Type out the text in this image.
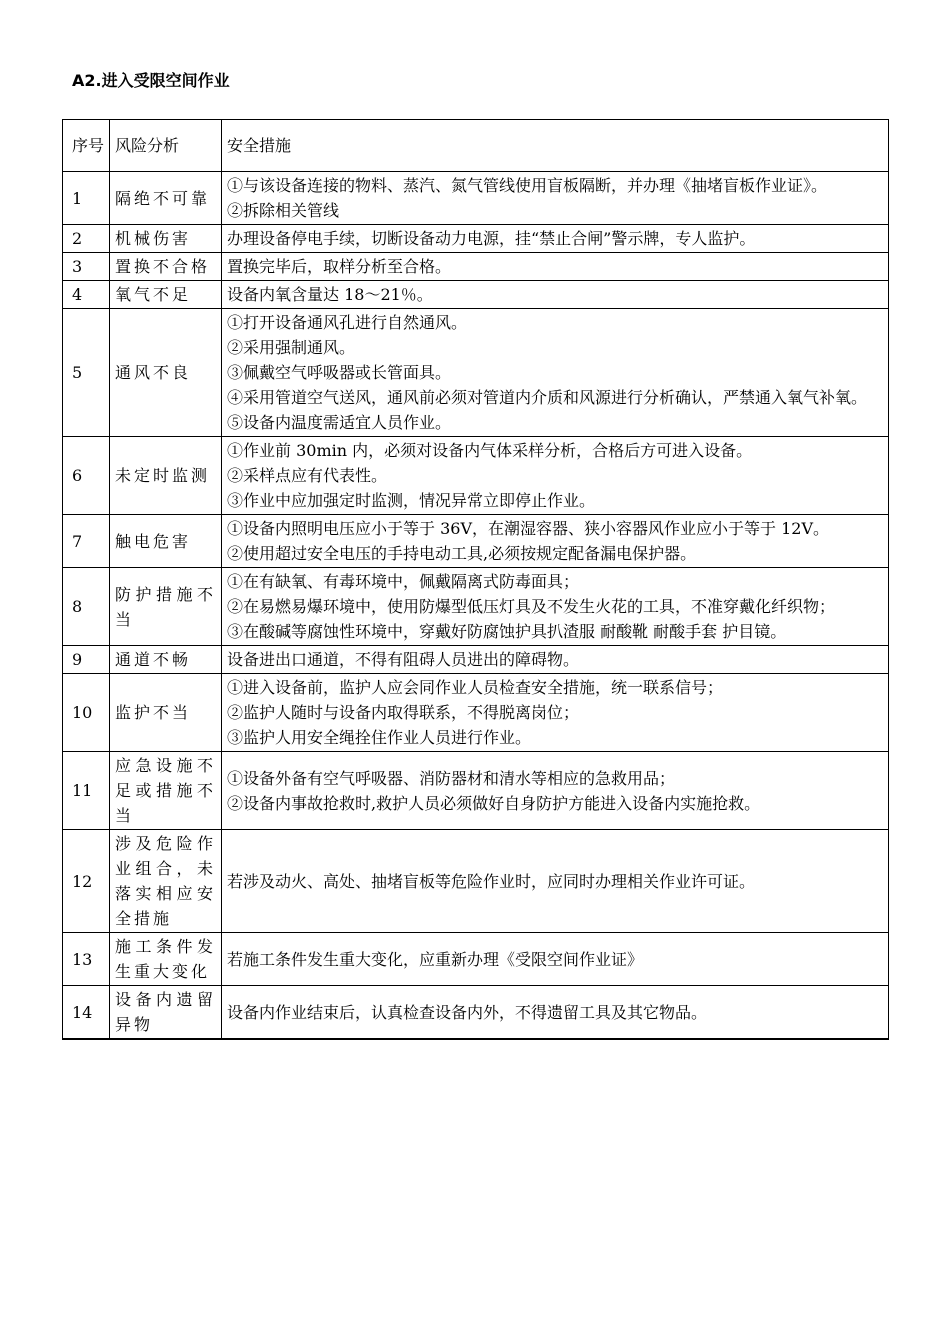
A2.进入受限空间作业
序号	风险分析	安全措施
1	隔绝不可靠	①与该设备连接的物料、蒸汽、氮气管线使用盲板隔断，并办理《抽堵盲板作业证》。
②拆除相关管线

2	机械伤害	办理设备停电手续，切断设备动力电源，挂“禁止合闸”警示牌，专人监护。

3	置换不合格	置换完毕后，取样分析至合格。

4	氧气不足	设备内氧含量达 18～21％。

5	通风不良	①打开设备通风孔进行自然通风。
②采用强制通风。
③佩戴空气呼吸器或长管面具。
④采用管道空气送风，通风前必须对管道内介质和风源进行分析确认，严禁通入氧气补氧。
⑤设备内温度需适宜人员作业。

6	未定时监测	①作业前 30min 内，必须对设备内气体采样分析，合格后方可进入设备。
②采样点应有代表性。
③作业中应加强定时监测，情况异常立即停止作业。

7	触电危害	①设备内照明电压应小于等于 36V，在潮湿容器、狭小容器风作业应小于等于 12V。
②使用超过安全电压的手持电动工具,必须按规定配备漏电保护器。

8	防护措施不当	①在有缺氧、有毒环境中，佩戴隔离式防毒面具；
②在易燃易爆环境中，使用防爆型低压灯具及不发生火花的工具，不准穿戴化纤织物；
③在酸碱等腐蚀性环境中，穿戴好防腐蚀护具扒渣服 耐酸靴 耐酸手套 护目镜。

9	通道不畅	设备进出口通道，不得有阻碍人员进出的障碍物。

10	监护不当	①进入设备前，监护人应会同作业人员检查安全措施，统一联系信号；
②监护人随时与设备内取得联系，不得脱离岗位；
③监护人用安全绳拴住作业人员进行作业。

11	应急设施不足或措施不当	①设备外备有空气呼吸器、消防器材和清水等相应的急救用品；
②设备内事故抢救时,救护人员必须做好自身防护方能进入设备内实施抢救。

12	涉及危险作业组合，未落实相应安全措施	若涉及动火、高处、抽堵盲板等危险作业时，应同时办理相关作业许可证。

13	施工条件发生重大变化	若施工条件发生重大变化，应重新办理《受限空间作业证》

14	设备内遗留异物	设备内作业结束后，认真检查设备内外，不得遗留工具及其它物品。
